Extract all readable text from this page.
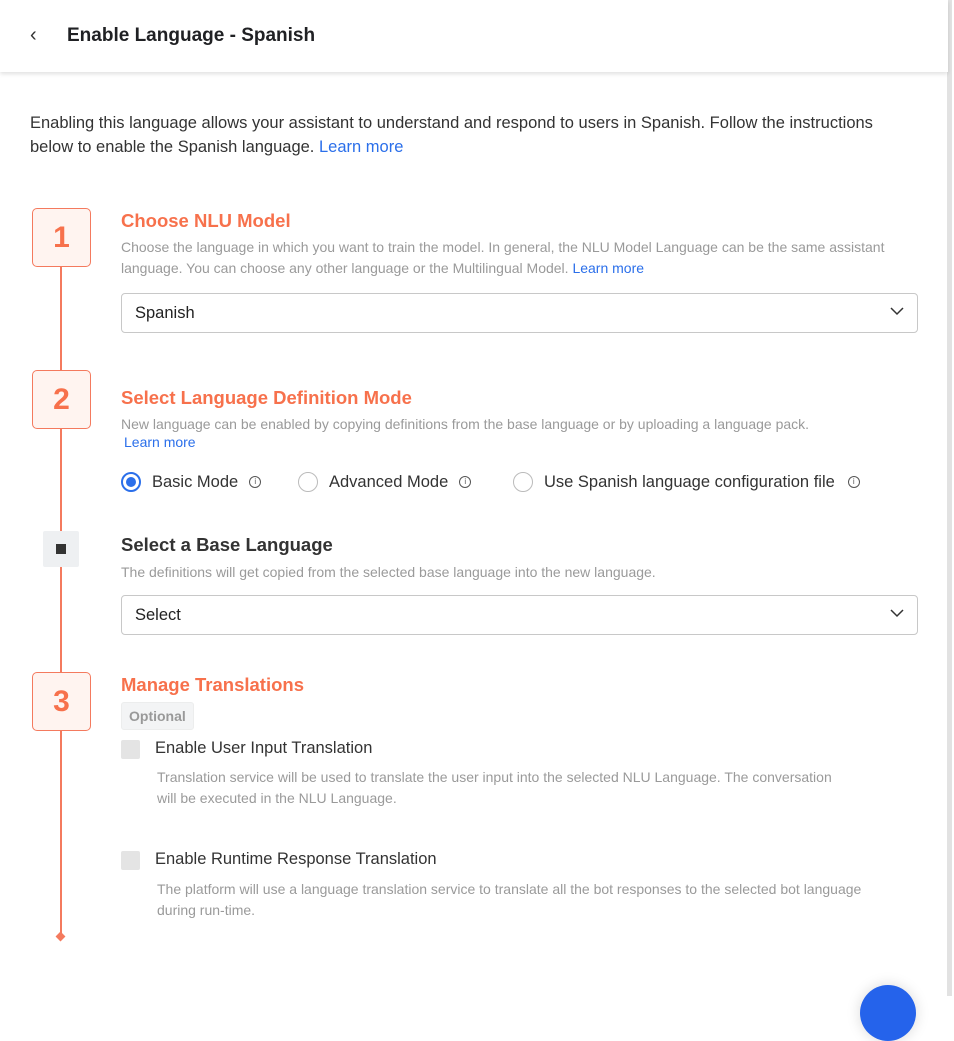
‹ Enable Language - Spanish
Enabling this language allows your assistant to understand and respond to users in Spanish. Follow the instructions below to enable the Spanish language. Learn more
1	Choose NLU Model
Choose the language in which you want to train the model. In general, the NLU Model Language can be the same assistant language. You can choose any other language or the Multilingual Model. Learn more
Spanish
2	Select Language Definition Mode
New language can be enabled by copying definitions from the base language or by uploading a language pack.
Learn more
Basic Mode	i	Advanced Mode	i	Use Spanish language configuration file	i
Select a Base Language
The definitions will get copied from the selected base language into the new language.
Select
3	Manage Translations
Optional
Enable User Input Translation
Translation service will be used to translate the user input into the selected NLU Language. The conversation will be executed in the NLU Language.
Enable Runtime Response Translation
The platform will use a language translation service to translate all the bot responses to the selected bot language during run-time.
